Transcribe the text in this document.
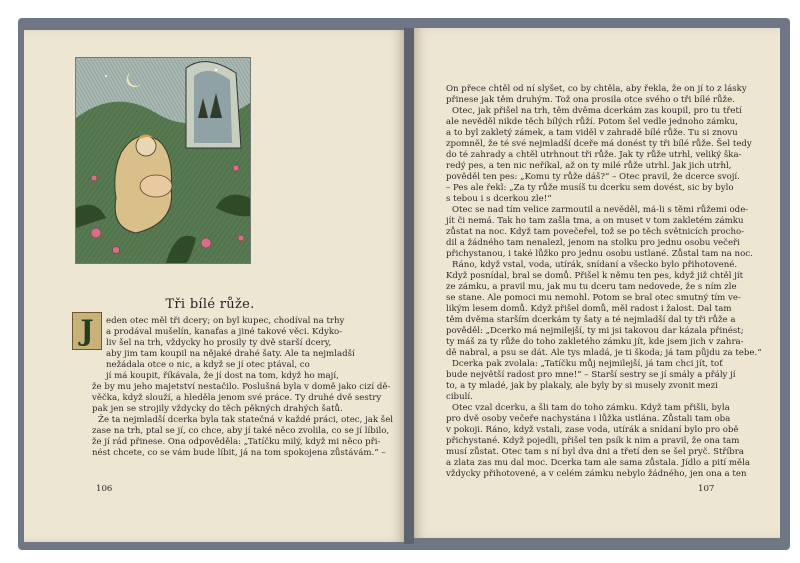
Tři bílé růže.
J	eden otec měl tři dcery; on byl kupec, chodíval na trhy
a prodával mušelín, kanafas a jiné takové věci. Kdyko-
liv šel na trh, vždycky ho prosily ty dvě starší dcery,
aby jim tam koupil na nějaké drahé šaty. Ale ta nejmladší
nežádala otce o nic, a když se jí otec ptával, co
jí má koupit, říkávala, že jí dost na tom, když ho mají,
že by mu jeho majetství nestačilo. Poslušná byla v domě jako cizí dě-
věčka, když slouží, a hleděla jenom své práce. Ty druhé dvě sestry
pak jen se strojily vždycky do těch pěkných drahých šatů.
Že ta nejmladší dcerka byla tak statečná v každé práci, otec, jak šel
zase na trh, ptal se jí, co chce, aby jí také něco zvolila, co se jí líbilo,
že jí rád přinese. Ona odpověděla: „Tatíčku milý, když mi něco při-
nést chcete, co se vám bude líbit, já na tom spokojena zůstávám.“ –
106
On přece chtěl od ní slyšet, co by chtěla, aby řekla, že on jí to z lásky
přinese jak těm druhým. Tož ona prosila otce svého o tři bílé růže.
Otec, jak přišel na trh, těm dvěma dcerkám zas koupil, pro tu třetí
ale nevěděl nikde těch bílých růží. Potom šel vedle jednoho zámku,
a to byl zakletý zámek, a tam viděl v zahradě bílé růže. Tu si znovu
zpomněl, že té své nejmladší dceře má donést ty tři bílé růže. Šel tedy
do té zahrady a chtěl utrhnout tři růže. Jak ty růže utrhl, veliký ška-
redý pes, a ten nic neříkal, až on ty milé růže utrhl. Jak jich utrhl,
pověděl ten pes: „Komu ty růže dáš?“ – Otec pravil, že dcerce svojí.
– Pes ale řekl: „Za ty růže musíš tu dcerku sem dovést, sic by bylo
s tebou i s dcerkou zle!“
Otec se nad tím velice zarmoutil a nevěděl, má-li s těmi růžemi ode-
jít či nemá. Tak ho tam zašla tma, a on muset v tom zakletém zámku
zůstat na noc. Když tam povečeřel, tož se po těch světnicích procho-
dil a žádného tam nenalezl, jenom na stolku pro jednu osobu večeři
přichystanou, i také lůžko pro jednu osobu ustlané. Zůstal tam na noc.
Ráno, když vstal, voda, utírák, snídaní a všecko bylo přihotovené.
Když posnídal, bral se domů. Přišel k němu ten pes, když již chtěl jít
ze zámku, a pravil mu, jak mu tu dceru tam nedovede, že s ním zle
se stane. Ale pomoci mu nemohl. Potom se bral otec smutný tím ve-
likým lesem domů. Když přišel domů, měl radost i žalost. Dal tam
těm dvěma starším dcerkám ty šaty a té nejmladší dal ty tři růže a
pověděl: „Dcerko má nejmilejší, ty mi jsi takovou dar kázala přinést;
ty máš za ty růže do toho zakletého zámku jít, kde jsem jich v zahra-
dě nabral, a psu se dát. Ale tys mladá, je ti škoda; já tam půjdu za tebe.“
Dcerka pak zvolala: „Tatíčku můj nejmilejší, já tam chci jít, toť
bude největší radost pro mne!“ – Starší sestry se jí smály a přály jí
to, a ty mladé, jak by plakaly, ale byly by si musely zvonit mezi
cibulí.
Otec vzal dcerku, a šli tam do toho zámku. Když tam přišli, byla
pro dvě osoby večeře nachystána i lůžka ustlána. Zůstali tam oba
v pokoji. Ráno, když vstali, zase voda, utírák a snídaní bylo pro obě
přichystané. Když pojedli, přišel ten psík k nim a pravil, že ona tam
musí zůstat. Otec tam s ní byl dva dni a třetí den se šel pryč. Stříbra
a zlata zas mu dal moc. Dcerka tam ale sama zůstala. Jídlo a pití měla
vždycky přihotovené, a v celém zámku nebylo žádného, jen ona a ten
107
